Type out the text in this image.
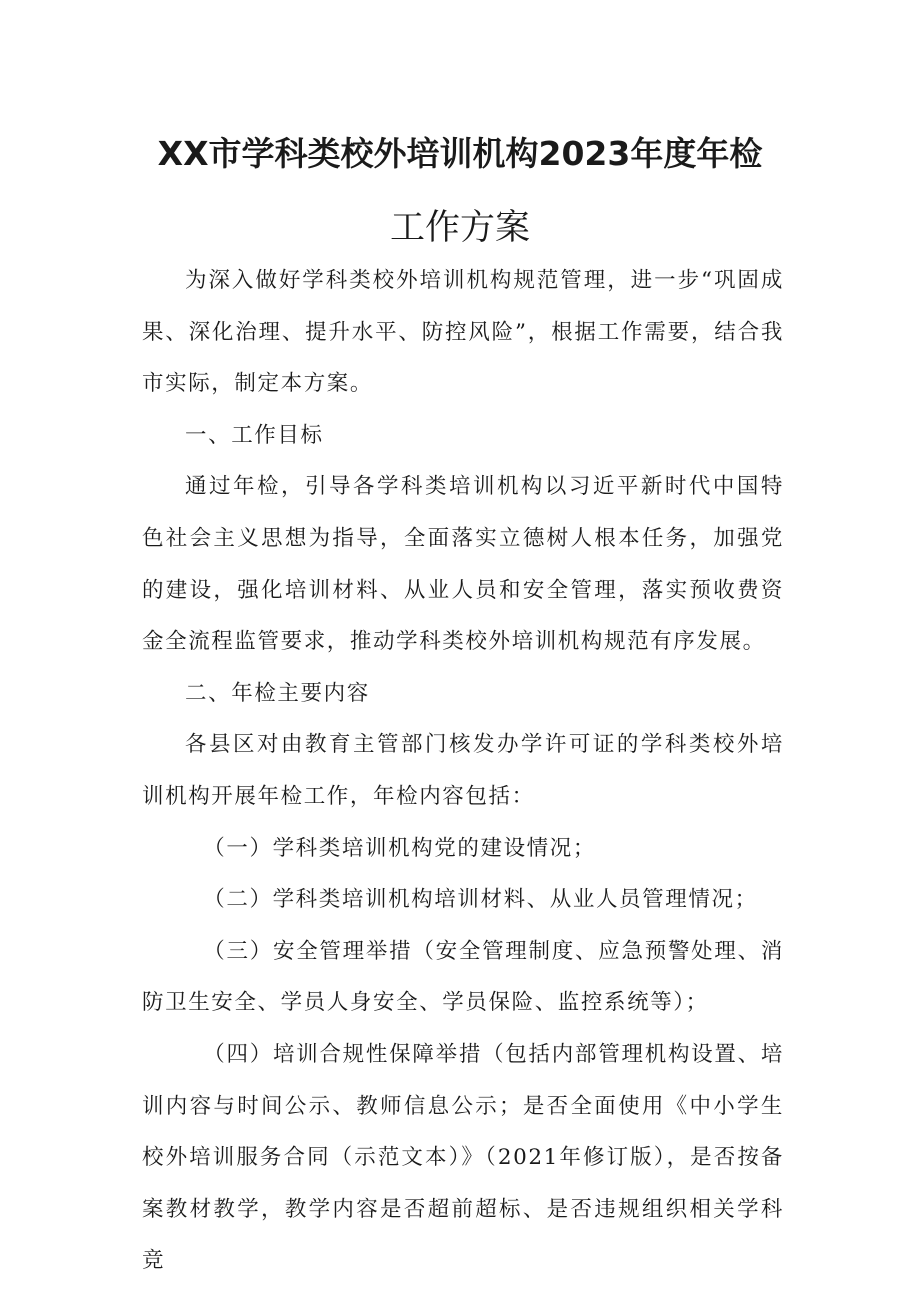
XX市学科类校外培训机构2023年度年检
工作方案

为深入做好学科类校外培训机构规范管理，进一步“巩固成果、深化治理、提升水平、防控风险”，根据工作需要，结合我市实际，制定本方案。

一、工作目标

通过年检，引导各学科类培训机构以习近平新时代中国特色社会主义思想为指导，全面落实立德树人根本任务，加强党的建设，强化培训材料、从业人员和安全管理，落实预收费资金全流程监管要求，推动学科类校外培训机构规范有序发展。

二、年检主要内容

各县区对由教育主管部门核发办学许可证的学科类校外培训机构开展年检工作，年检内容包括：

（一）学科类培训机构党的建设情况；

（二）学科类培训机构培训材料、从业人员管理情况；

（三）安全管理举措（安全管理制度、应急预警处理、消防卫生安全、学员人身安全、学员保险、监控系统等）；

（四）培训合规性保障举措（包括内部管理机构设置、培训内容与时间公示、教师信息公示；是否全面使用《中小学生校外培训服务合同（示范文本）》（2021年修订版），是否按备案教材教学，教学内容是否超前超标、是否违规组织相关学科竞
